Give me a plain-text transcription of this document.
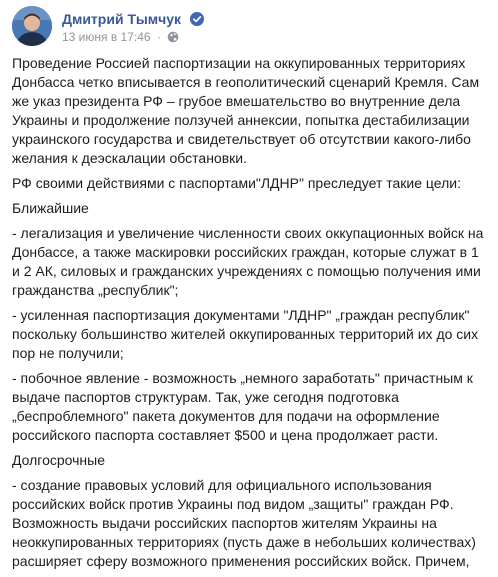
Дмитрий Тымчук
13 июня в 17:46 ·

Проведение Россией паспортизации на оккупированных территориях Донбасса четко вписывается в геополитический сценарий Кремля. Сам же указ президента РФ – грубое вмешательство во внутренние дела Украины и продолжение ползучей аннексии, попытка дестабилизации украинского государства и свидетельствует об отсутствии какого-либо желания к деэскалации обстановки.

РФ своими действиями с паспортами"ЛДНР" преследует такие цели:

Ближайшие

- легализация и увеличение численности своих оккупационных войск на Донбассе, а также маскировки российских граждан, которые служат в 1 и 2 АК, силовых и гражданских учреждениях с помощью получения ими гражданства „республик";

- усиленная паспортизация документами "ЛДНР" „граждан республик" поскольку большинство жителей оккупированных территорий их до сих пор не получили;

- побочное явление - возможность „немного заработать" причастным к выдаче паспортов структурам. Так, уже сегодня подготовка „беспроблемного" пакета документов для подачи на оформление российского паспорта составляет $500 и цена продолжает расти.

Долгосрочные

- создание правовых условий для официального использования российских войск против Украины под видом „защиты" граждан РФ. Возможность выдачи российских паспортов жителям Украины на неоккупированных территориях (пусть даже в небольших количествах) расширяет сферу возможного применения российских войск. Причем,
